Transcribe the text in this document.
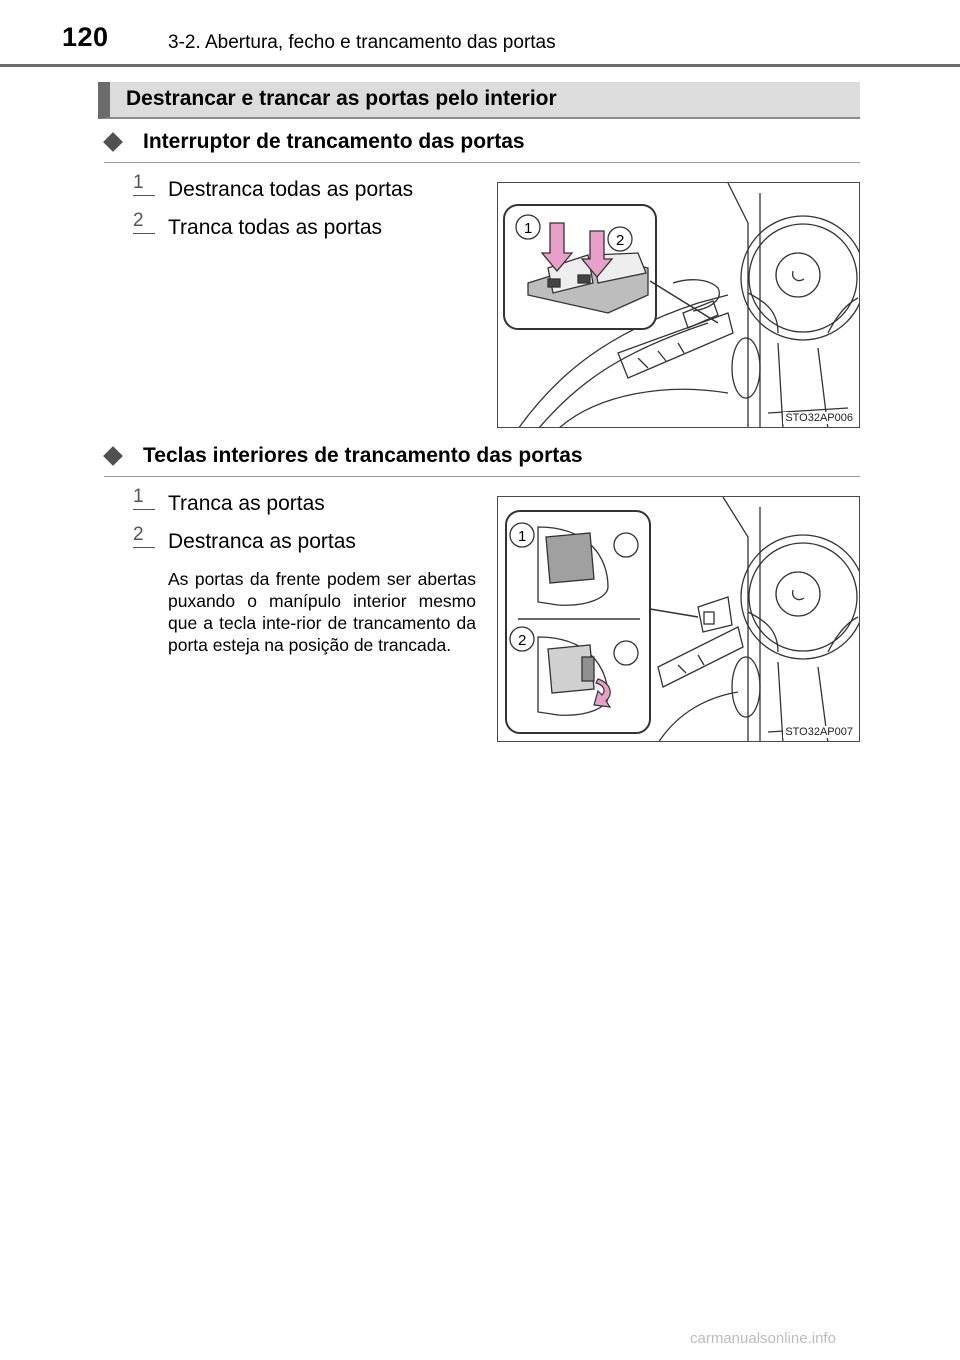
120	3-2. Abertura, fecho e trancamento das portas
Destrancar e trancar as portas pelo interior
Interruptor de trancamento das portas
1	Destranca todas as portas
2	Tranca todas as portas	1
2
STO32AP006
Teclas interiores de trancamento das portas
1	Tranca as portas
2	Destranca as portas
As portas da frente podem ser abertas puxando o manípulo interior mesmo que a tecla inte-rior de trancamento da porta esteja na posição de trancada.
1
2
STO32AP007
carmanualsonline.info
